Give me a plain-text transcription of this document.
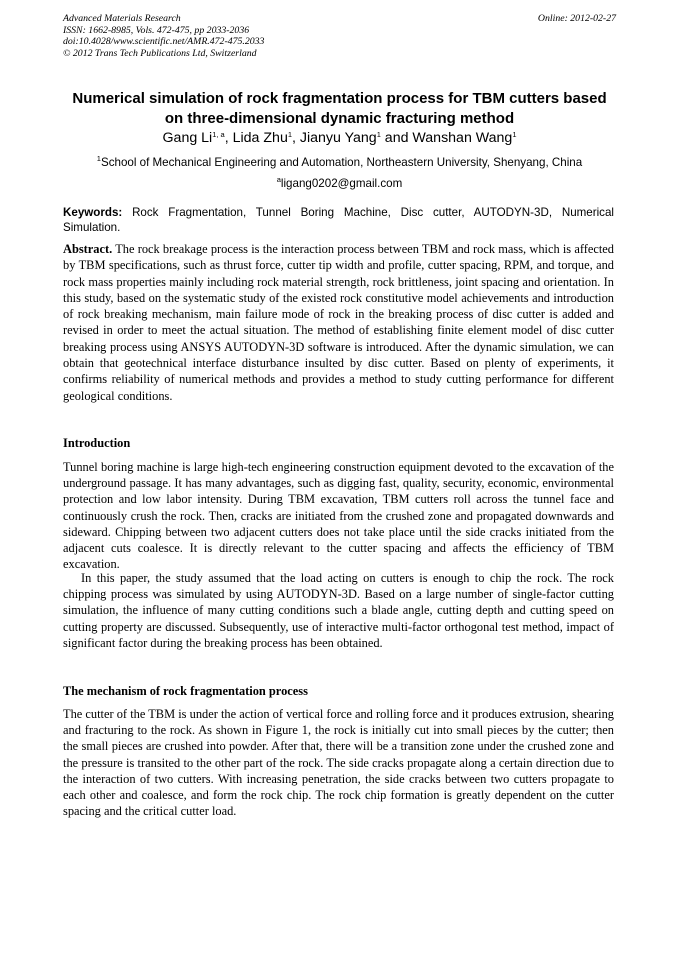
Advanced Materials Research
ISSN: 1662-8985, Vols. 472-475, pp 2033-2036
doi:10.4028/www.scientific.net/AMR.472-475.2033
© 2012 Trans Tech Publications Ltd, Switzerland
Online: 2012-02-27
Numerical simulation of rock fragmentation process for TBM cutters based on three-dimensional dynamic fracturing method
Gang Li$^{1, a}$, Lida Zhu$^1$, Jianyu Yang$^1$ and Wanshan Wang$^1$
$^1$School of Mechanical Engineering and Automation, Northeastern University, Shenyang, China
$^a$ligang0202@gmail.com
Keywords: Rock Fragmentation, Tunnel Boring Machine, Disc cutter, AUTODYN-3D, Numerical Simulation.
Abstract. The rock breakage process is the interaction process between TBM and rock mass, which is affected by TBM specifications, such as thrust force, cutter tip width and profile, cutter spacing, RPM, and torque, and rock mass properties mainly including rock material strength, rock brittleness, joint spacing and orientation. In this study, based on the systematic study of the existed rock constitutive model achievements and introduction of rock breaking mechanism, main failure mode of rock in the breaking process of disc cutter is added and revised in order to meet the actual situation. The method of establishing finite element model of disc cutter breaking process using ANSYS AUTODYN-3D software is introduced. After the dynamic simulation, we can obtain that geotechnical interface disturbance insulted by disc cutter. Based on plenty of experiments, it confirms reliability of numerical methods and provides a method to study cutting performance for different geological conditions.
Introduction

Tunnel boring machine is large high-tech engineering construction equipment devoted to the excavation of the underground passage. It has many advantages, such as digging fast, quality, security, economic, environmental protection and low labor intensity. During TBM excavation, TBM cutters roll across the tunnel face and continuously crush the rock. Then, cracks are initiated from the crushed zone and propagated downwards and sideward. Chipping between two adjacent cutters does not take place until the side cracks initiated from the adjacent cuts coalesce. It is directly relevant to the cutter spacing and affects the efficiency of TBM excavation.

In this paper, the study assumed that the load acting on cutters is enough to chip the rock. The rock chipping process was simulated by using AUTODYN-3D. Based on a large number of single-factor cutting simulation, the influence of many cutting conditions such a blade angle, cutting depth and cutting speed on cutting property are discussed. Subsequently, use of interactive multi-factor orthogonal test method, impact of significant factor during the breaking process has been obtained.

The mechanism of rock fragmentation process

The cutter of the TBM is under the action of vertical force and rolling force and it produces extrusion, shearing and fracturing to the rock. As shown in Figure 1, the rock is initially cut into small pieces by the cutter; then the small pieces are crushed into powder. After that, there will be a transition zone under the crushed zone and the pressure is transited to the other part of the rock. The side cracks propagate along a certain direction due to the interaction of two cutters. With increasing penetration, the side cracks between two cutters propagate to each other and coalesce, and form the rock chip. The rock chip formation is greatly dependent on the cutter spacing and the critical cutter load.
